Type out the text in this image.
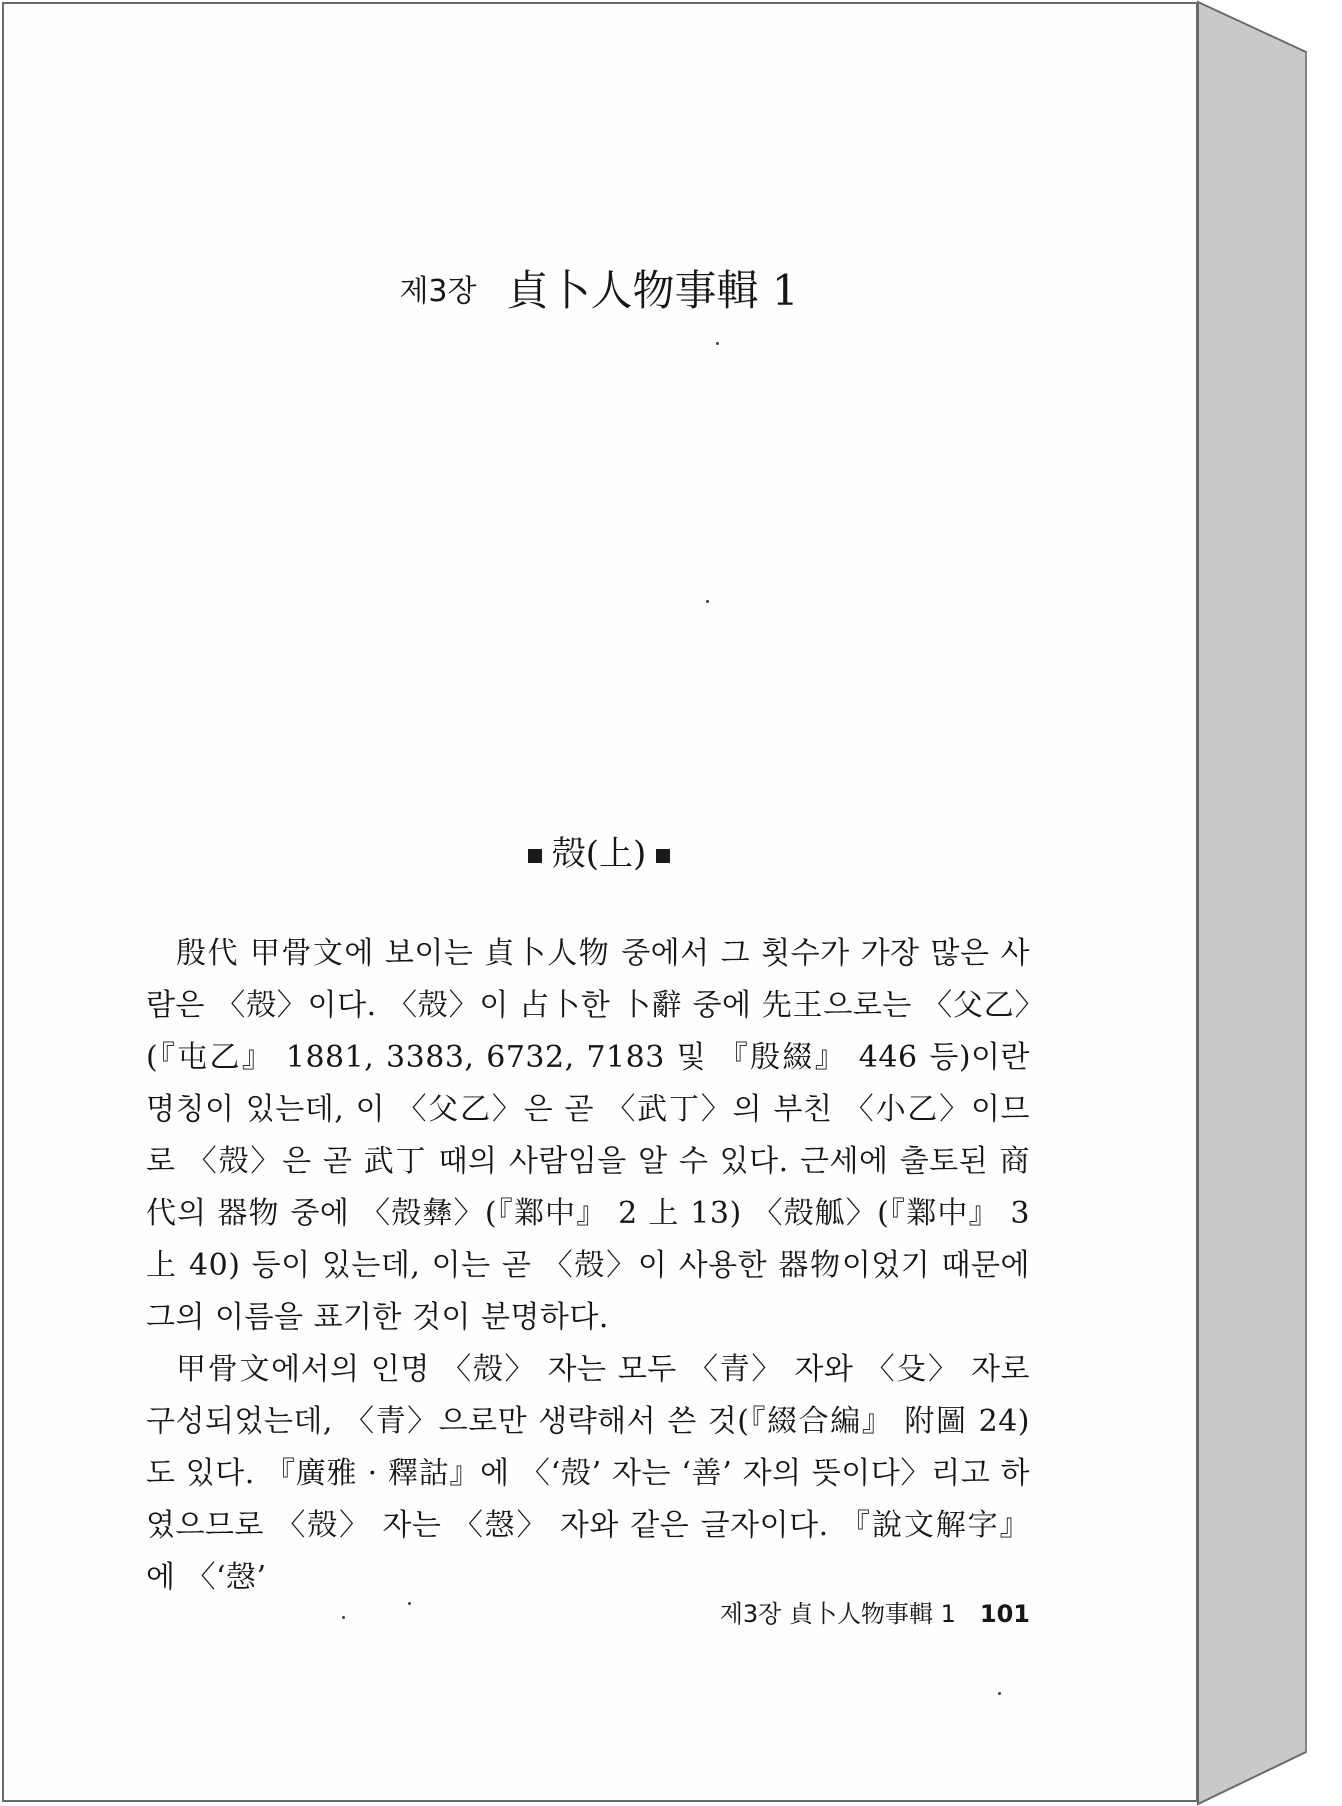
제3장 貞卜人物事輯 1
殻(上)

殷代 甲骨文에 보이는 貞卜人物 중에서 그 횟수가 가장 많은 사람은 〈殻〉이다. 〈殻〉이 占卜한 卜辭 중에 先王으로는 〈父乙〉(『屯乙』 1881, 3383, 6732, 7183 및 『殷綴』 446 등)이란 명칭이 있는데, 이 〈父乙〉은 곧 〈武丁〉의 부친 〈小乙〉이므로 〈殻〉은 곧 武丁 때의 사람임을 알 수 있다. 근세에 출토된 商代의 器物 중에 〈殻彝〉(『鄴中』 2 上 13) 〈殻觚〉(『鄴中』 3 上 40) 등이 있는데, 이는 곧 〈殻〉이 사용한 器物이었기 때문에 그의 이름을 표기한 것이 분명하다.

甲骨文에서의 인명 〈殻〉 자는 모두 〈青〉 자와 〈殳〉 자로 구성되었는데, 〈青〉으로만 생략해서 쓴 것(『綴合編』 附圖 24)도 있다. 『廣雅 · 釋詁』에 〈‘殻’ 자는 ‘善’ 자의 뜻이다〉리고 하였으므로 〈殻〉 자는 〈愨〉 자와 같은 글자이다. 『說文解字』에 〈‘愨’

제3장 貞卜人物事輯 1 101
